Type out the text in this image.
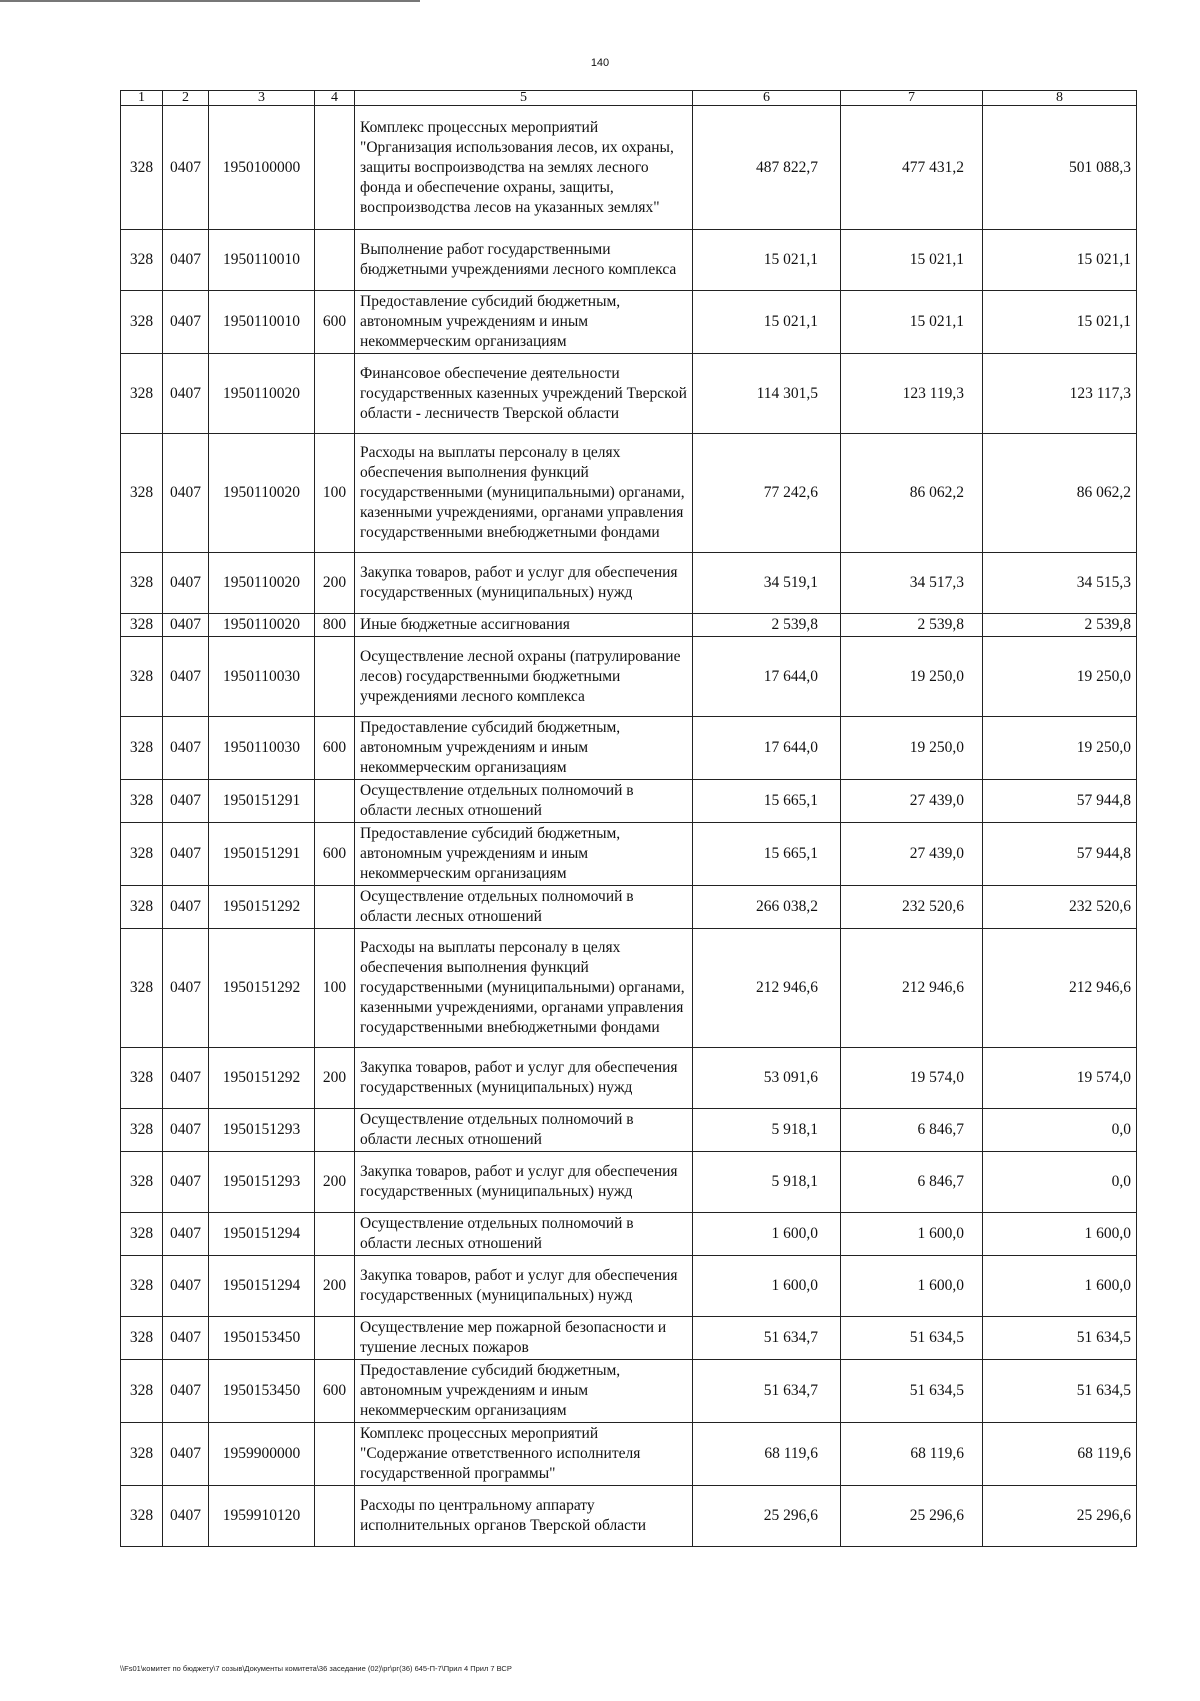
140
1	2	3	4	5	6	7	8
328	0407	1950100000		Комплекс процессных мероприятий "Организация использования лесов, их охраны, защиты воспроизводства на землях лесного фонда и обеспечение охраны, защиты, воспроизводства лесов на указанных землях"	487 822,7	477 431,2	501 088,3
328	0407	1950110010		Выполнение работ государственными бюджетными учреждениями лесного комплекса	15 021,1	15 021,1	15 021,1
328	0407	1950110010	600	Предоставление субсидий бюджетным, автономным учреждениям и иным некоммерческим организациям	15 021,1	15 021,1	15 021,1
328	0407	1950110020		Финансовое обеспечение деятельности государственных казенных учреждений Тверской области - лесничеств Тверской области	114 301,5	123 119,3	123 117,3
328	0407	1950110020	100	Расходы на выплаты персоналу в целях обеспечения выполнения функций государственными (муниципальными) органами, казенными учреждениями, органами управления государственными внебюджетными фондами	77 242,6	86 062,2	86 062,2
328	0407	1950110020	200	Закупка товаров, работ и услуг для обеспечения государственных (муниципальных) нужд	34 519,1	34 517,3	34 515,3
328	0407	1950110020	800	Иные бюджетные ассигнования	2 539,8	2 539,8	2 539,8
328	0407	1950110030		Осуществление лесной охраны (патрулирование лесов) государственными бюджетными учреждениями лесного комплекса	17 644,0	19 250,0	19 250,0
328	0407	1950110030	600	Предоставление субсидий бюджетным, автономным учреждениям и иным некоммерческим организациям	17 644,0	19 250,0	19 250,0
328	0407	1950151291		Осуществление отдельных полномочий в области лесных отношений	15 665,1	27 439,0	57 944,8
328	0407	1950151291	600	Предоставление субсидий бюджетным, автономным учреждениям и иным некоммерческим организациям	15 665,1	27 439,0	57 944,8
328	0407	1950151292		Осуществление отдельных полномочий в области лесных отношений	266 038,2	232 520,6	232 520,6
328	0407	1950151292	100	Расходы на выплаты персоналу в целях обеспечения выполнения функций государственными (муниципальными) органами, казенными учреждениями, органами управления государственными внебюджетными фондами	212 946,6	212 946,6	212 946,6
328	0407	1950151292	200	Закупка товаров, работ и услуг для обеспечения государственных (муниципальных) нужд	53 091,6	19 574,0	19 574,0
328	0407	1950151293		Осуществление отдельных полномочий в области лесных отношений	5 918,1	6 846,7	0,0
328	0407	1950151293	200	Закупка товаров, работ и услуг для обеспечения государственных (муниципальных) нужд	5 918,1	6 846,7	0,0
328	0407	1950151294		Осуществление отдельных полномочий в области лесных отношений	1 600,0	1 600,0	1 600,0
328	0407	1950151294	200	Закупка товаров, работ и услуг для обеспечения государственных (муниципальных) нужд	1 600,0	1 600,0	1 600,0
328	0407	1950153450		Осуществление мер пожарной безопасности и тушение лесных пожаров	51 634,7	51 634,5	51 634,5
328	0407	1950153450	600	Предоставление субсидий бюджетным, автономным учреждениям и иным некоммерческим организациям	51 634,7	51 634,5	51 634,5
328	0407	1959900000		Комплекс процессных мероприятий "Содержание ответственного исполнителя государственной программы"	68 119,6	68 119,6	68 119,6
328	0407	1959910120		Расходы по центральному аппарату исполнительных органов Тверской области	25 296,6	25 296,6	25 296,6
\\Fs01\комитет по бюджету\7 созыв\Документы комитета\36 заседание (02)\рг\рг(36) 645-П-7\Прил 4 Прил 7 ВСР
